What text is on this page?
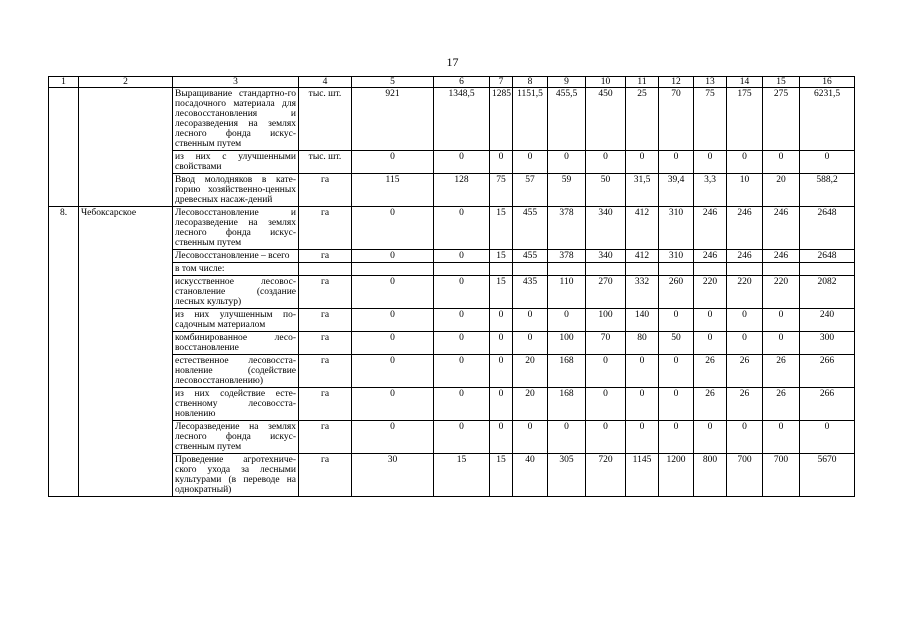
17
1	2	3	4	5	6	7	8	9	10	11	12	13	14	15	16
		Выращивание стандартно-го посадочного материала для лесовосстановления и лесоразведения на землях лесного фонда искус-ственным путем	тыс. шт.	921	1348,5	1285	1151,5	455,5	450	25	70	75	175	275	6231,5
		из них с улучшенными свойствами	тыс. шт.	0	0	0	0	0	0	0	0	0	0	0	0
		Ввод молодняков в кате-горию хозяйственно-ценных древесных насаж-дений	га	115	128	75	57	59	50	31,5	39,4	3,3	10	20	588,2
8.	Чебоксарское	Лесовосстановление и лесоразведение на землях лесного фонда искус-ственным путем	га	0	0	15	455	378	340	412	310	246	246	246	2648
		Лесовосстановление – всего	га	0	0	15	455	378	340	412	310	246	246	246	2648
		в том числе:													
		искусственное лесовос-становление (создание лесных культур)	га	0	0	15	435	110	270	332	260	220	220	220	2082
		из них улучшенным по-садочным материалом	га	0	0	0	0	0	100	140	0	0	0	0	240
		комбинированное лесо-восстановление	га	0	0	0	0	100	70	80	50	0	0	0	300
		естественное лесовосста-новление (содействие лесовосстановлению)	га	0	0	0	20	168	0	0	0	26	26	26	266
		из них содействие есте-ственному лесовосста-новлению	га	0	0	0	20	168	0	0	0	26	26	26	266
		Лесоразведение на землях лесного фонда искус-ственным путем	га	0	0	0	0	0	0	0	0	0	0	0	0
		Проведение агротехниче-ского ухода за лесными культурами (в переводе на однократный)	га	30	15	15	40	305	720	1145	1200	800	700	700	5670
